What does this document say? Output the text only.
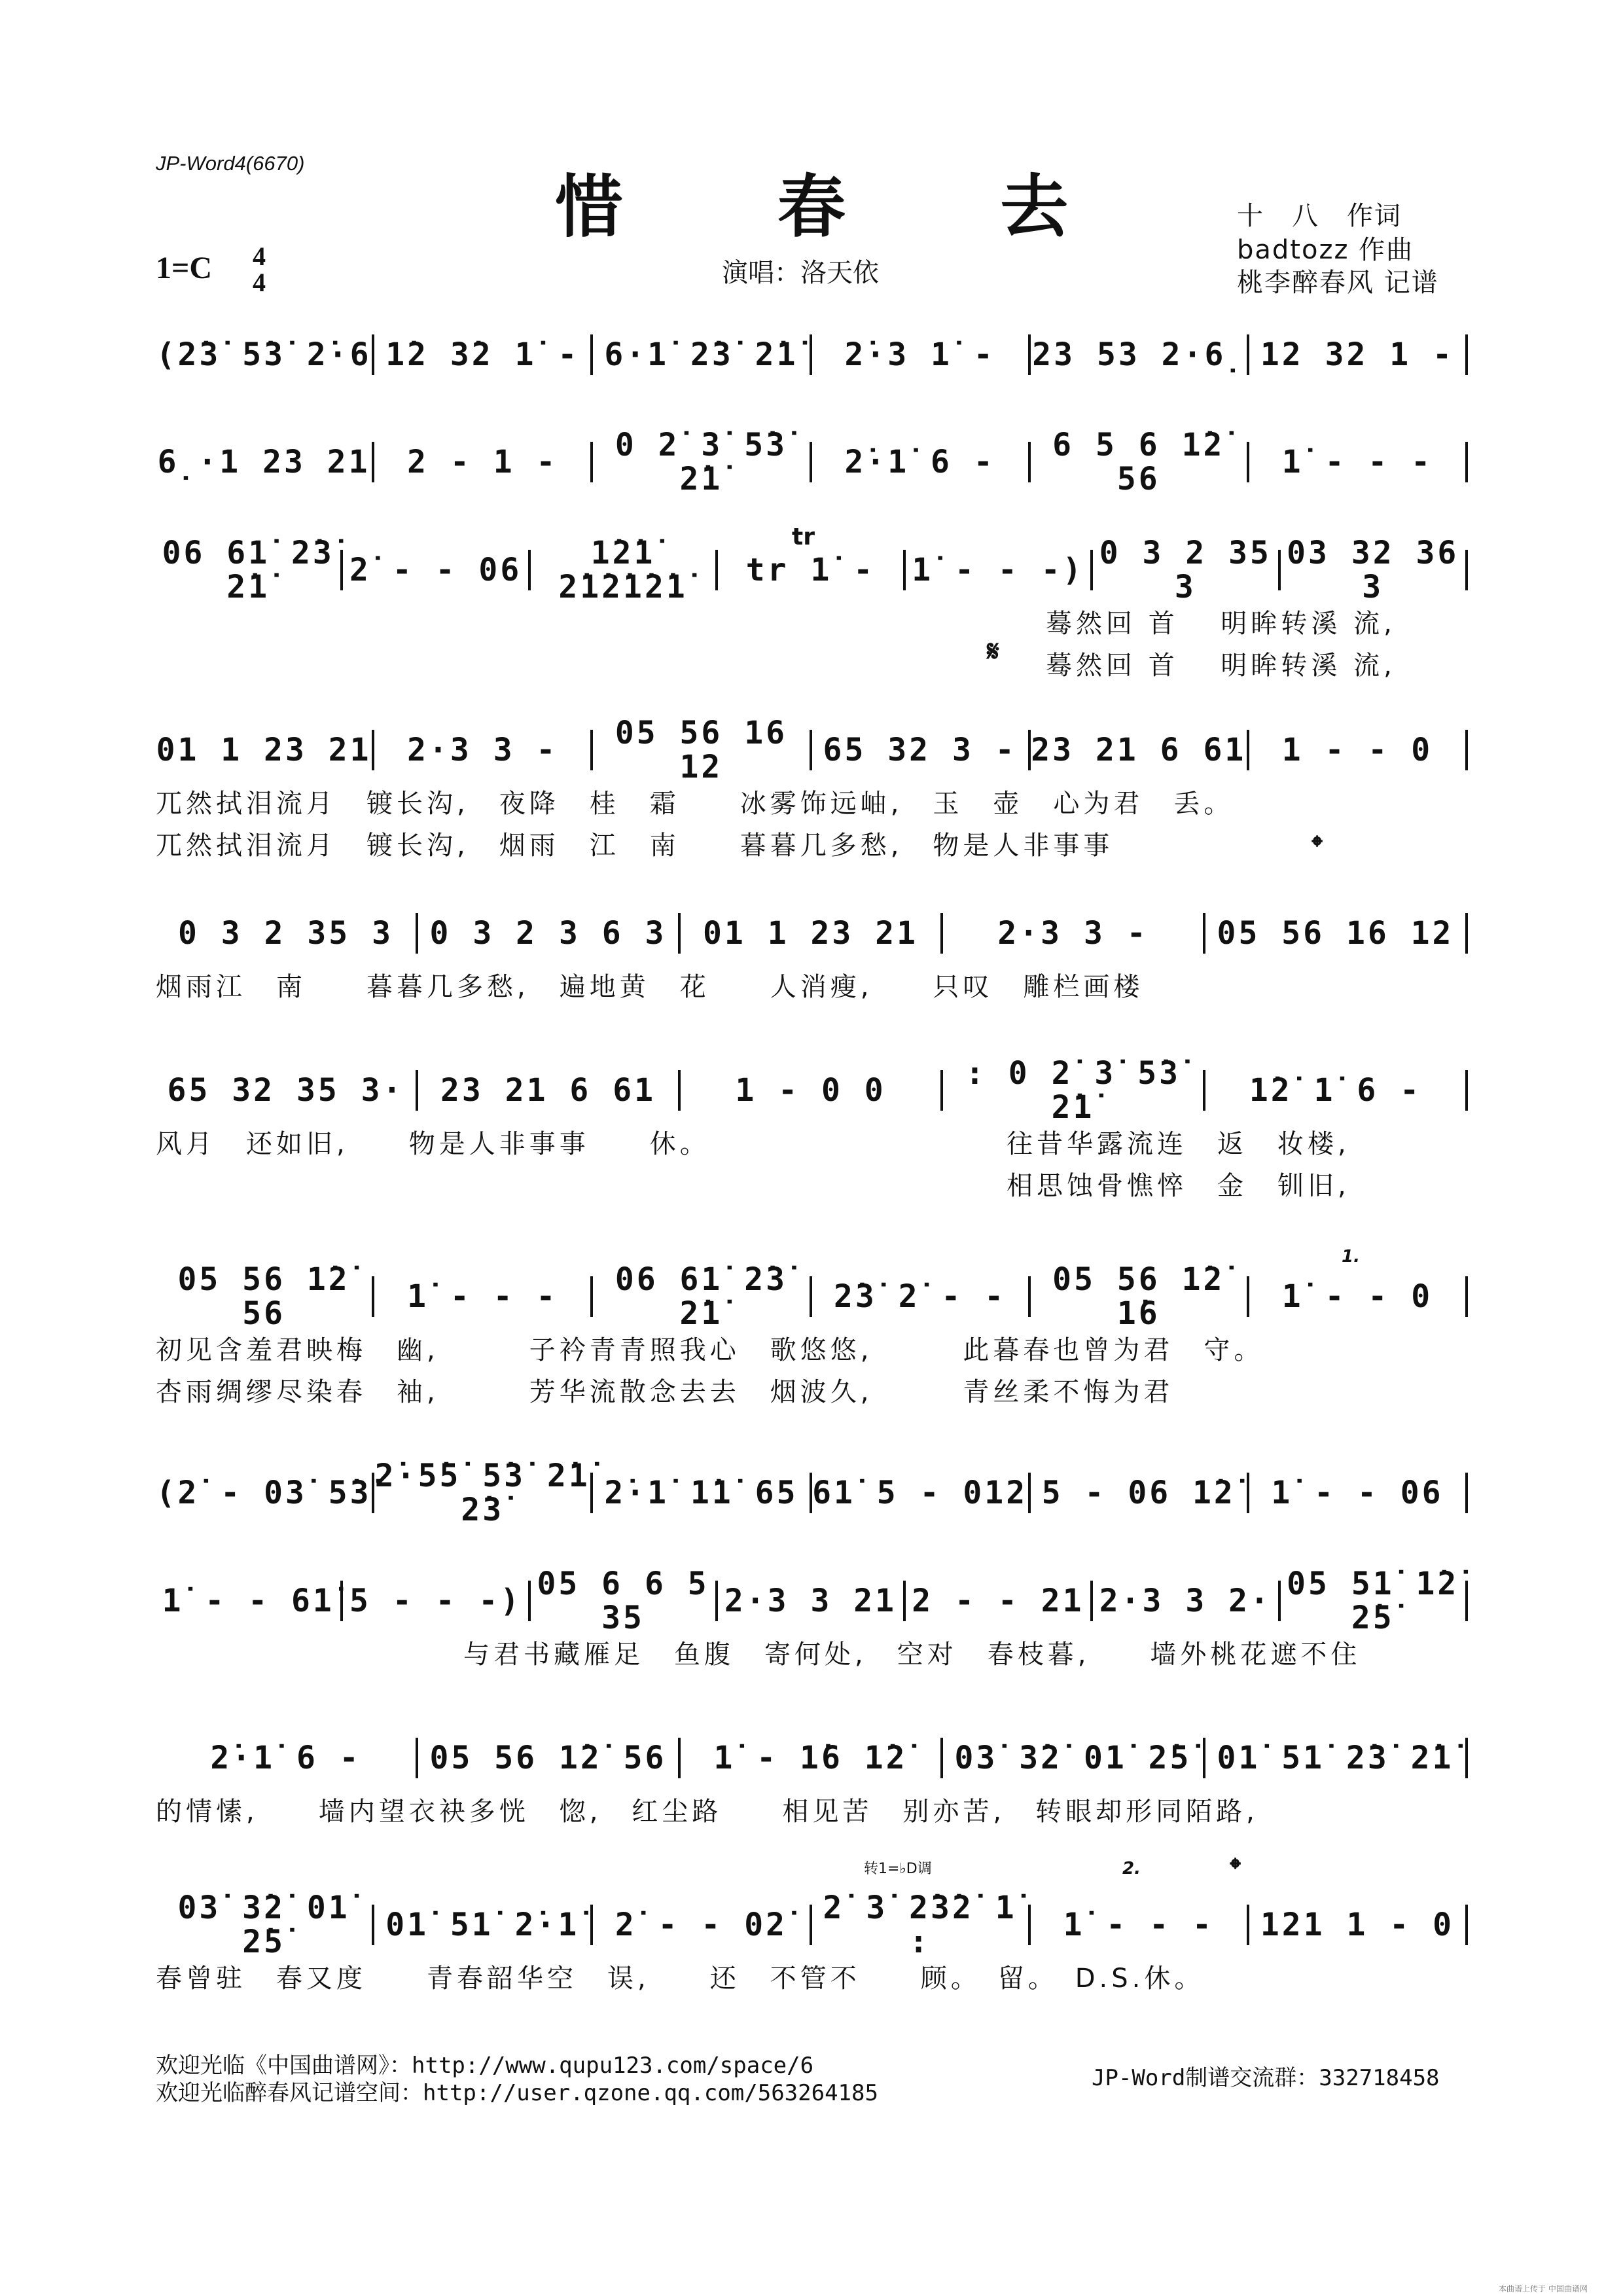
JP-Word4(6670)
惜 春 去
1=C 4
4	演唱：洛天依
十　八　作词
badtozz 作曲
桃李醉春风 记谱
(2̇3̇ 5̇3̇ 2̇·6 1̇2 3̇2 1̇ - 6·1̇ 2̇3̇ 2̇1̇	2̇·3 1̇ -	23 53 2·6̣ 12 32 1 -
6̣·1 23 21	2 - 1 -	0 2̇ 3̇ 5̇3̇ 2̇1̇	2̇·1̇ 6 -	6 5 6 1̇2̇ 56	1̇ - - -
06 61̇ 2̇3̇ 2̇1̇	2̇ - - 06	1̇2̇1̇ 2̇1̇2̇1̇2̇1̇	tr 1̇ -	1̇ - - -) 0 3 2 35 3
03 32 36 3
蓦然回 首　 明眸转溪 流,
蓦然回 首　 明眸转溪 流,
01 1 23 21	2·3 3 -	05 56 16 12	65 32 3 - 23 21 6 61	1 - - 0
兀然拭泪流月　镀长沟,　夜降　桂　霜　　冰雾饰远岫,　玉　壶　心为君　丢。
兀然拭泪流月　镀长沟,　烟雨　江　南　　暮暮几多愁,　物是人非事事
0 3 2 35 3	0 3 2 3 6 3	01 1 23 21	2·3 3 -	05 56 16 12
烟雨江　南　　暮暮几多愁,　遍地黄　花　　人消瘦,　　只叹　雕栏画楼
65 32 35 3·	23 21 6 61	1 - 0 0	: 0 2̇ 3̇ 5̇3̇ 2̇1̇	1̇2̇ 1̇ 6 -
风月　还如旧,　　物是人非事事　　休。	往昔华露流连　返　妆楼,
相思蚀骨憔悴　金　钏旧,
05 56 1̇2̇ 56	1̇ - - -	06 61̇ 2̇3̇ 2̇1̇	2̇3̇ 2̇ - -	05 56 1̇2̇ 1̇6	1̇ - - 0
初见含羞君映梅　幽,　　　子衿青青照我心　歌悠悠,　　　此暮春也曾为君　守。
杏雨绸缪尽染春　袖,　　　芳华流散念去去　烟波久,　　　青丝柔不悔为君
(2̇ - 03̇ 5̇3̇ 2̇·5̇5̇ 5̇3̇ 2̇1̇ 2̇3̇	2̇·1̇ 1̇1̇ 65 61̇ 5 - 012 5 - 06 1̇2̇	1̇ - - 06
1̇ - - 61̇ 5 - - -) 05 6 6 5 35	2·3 3 21 2 - - 21 2·3 3 2· 05 51̇ 1̇2̇ 2̇5̇
与君书藏雁足　鱼腹　寄何处,　空对　春枝暮,　　墙外桃花遮不住
2̇·1̇ 6 -	05 56 1̇2̇ 56	1̇ - 1̇6 1̇2̇	03̇ 3̇2̇ 01̇ 2̇5̇ 01̇ 51̇ 2̇3̇ 2̇1̇
的情愫,　　墙内望衣袂多恍　惚,　红尘路　　相见苦　别亦苦,　转眼却形同陌路,
03̇ 3̇2̇ 01̇ 2̇5̇	01̇ 51̇ 2̇·1̇	2̇ - - 02̇	2̇ 3̇ 2̇3̇2̇ 1̇ :	1̇ - - -	121 1 - 0
春曾驻　春又度　　青春韶华空　误,　　还　不管不　　顾。　留。　D.S.休。
tr
𝄋
𝄌
𝄌
1.
2.
转1=♭D调
欢迎光临《中国曲谱网》：http://www.qupu123.com/space/6
欢迎光临醉春风记谱空间：http://user.qzone.qq.com/563264185
JP-Word制谱交流群：332718458
本曲谱上传于 中国曲谱网
